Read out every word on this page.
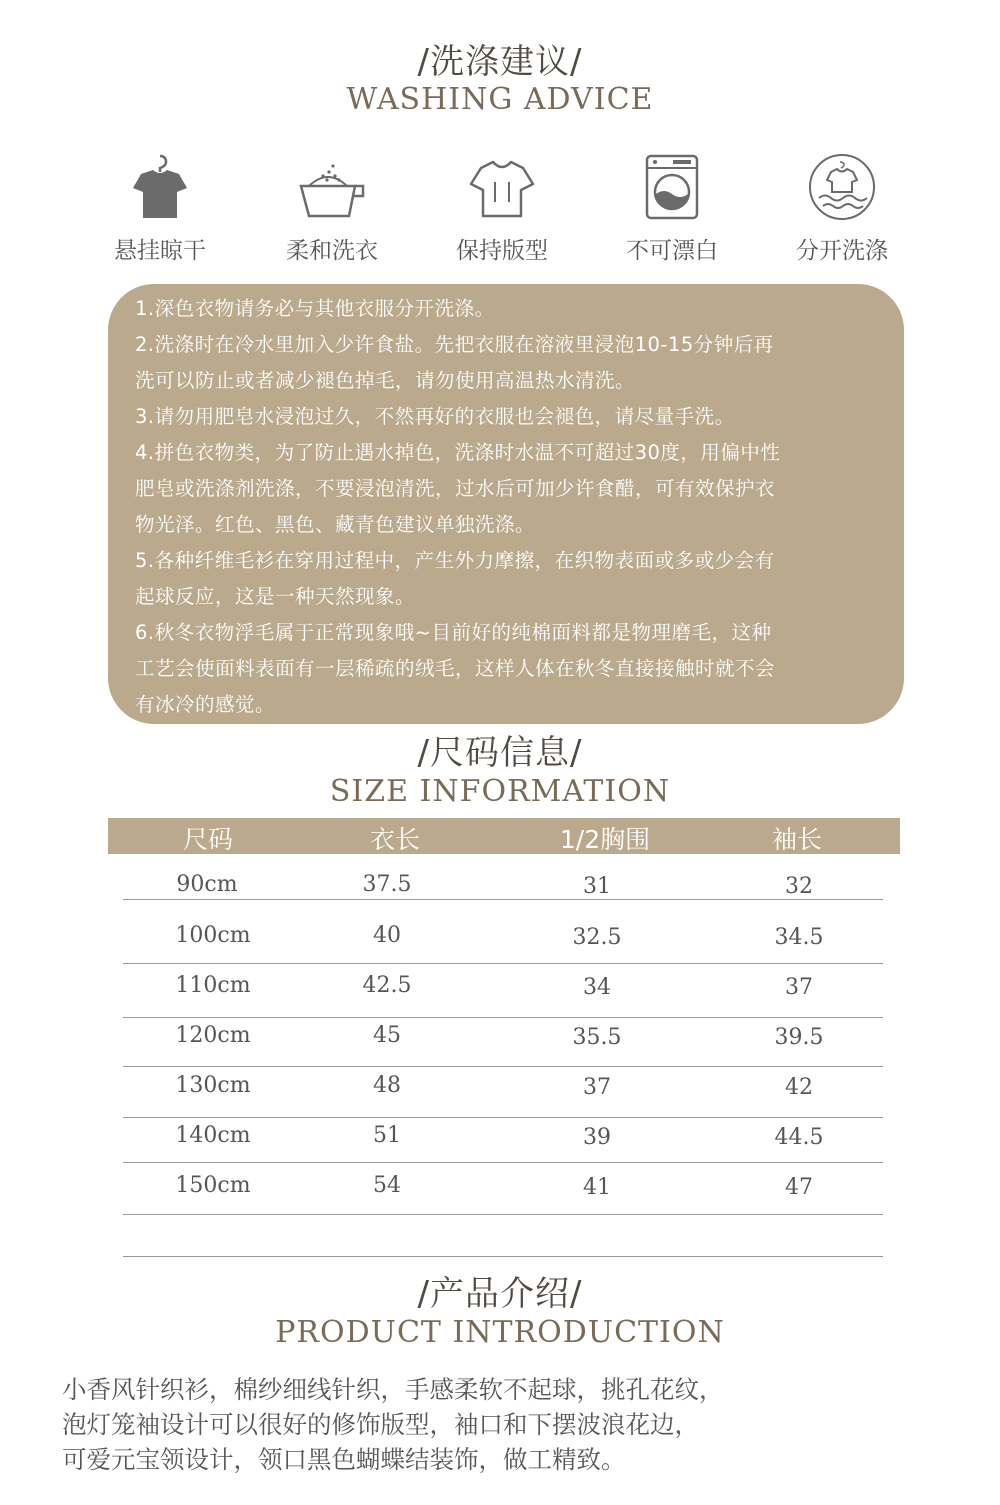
/洗涤建议/
WASHING ADVICE
悬挂晾干	柔和洗衣	保持版型	不可漂白	分开洗涤
1.深色衣物请务必与其他衣服分开洗涤。
2.洗涤时在冷水里加入少许食盐。先把衣服在溶液里浸泡10-15分钟后再
洗可以防止或者减少褪色掉毛，请勿使用高温热水清洗。
3.请勿用肥皂水浸泡过久，不然再好的衣服也会褪色，请尽量手洗。
4.拼色衣物类，为了防止遇水掉色，洗涤时水温不可超过30度，用偏中性
肥皂或洗涤剂洗涤，不要浸泡清洗，过水后可加少许食醋，可有效保护衣
物光泽。红色、黑色、藏青色建议单独洗涤。
5.各种纤维毛衫在穿用过程中，产生外力摩擦，在织物表面或多或少会有
起球反应，这是一种天然现象。
6.秋冬衣物浮毛属于正常现象哦~目前好的纯棉面料都是物理磨毛，这种
工艺会使面料表面有一层稀疏的绒毛，这样人体在秋冬直接接触时就不会
有冰冷的感觉。
/尺码信息/
SIZE INFORMATION
尺码	衣长	1/2胸围	袖长
90cm	37.5	31	32
100cm	40	32.5	34.5
110cm	42.5	34	37
120cm	45	35.5	39.5
130cm	48	37	42
140cm	51	39	44.5
150cm	54	41	47
/产品介绍/
PRODUCT INTRODUCTION
小香风针织衫，棉纱细线针织，手感柔软不起球，挑孔花纹，
泡灯笼袖设计可以很好的修饰版型，袖口和下摆波浪花边，
可爱元宝领设计，领口黑色蝴蝶结装饰，做工精致。
